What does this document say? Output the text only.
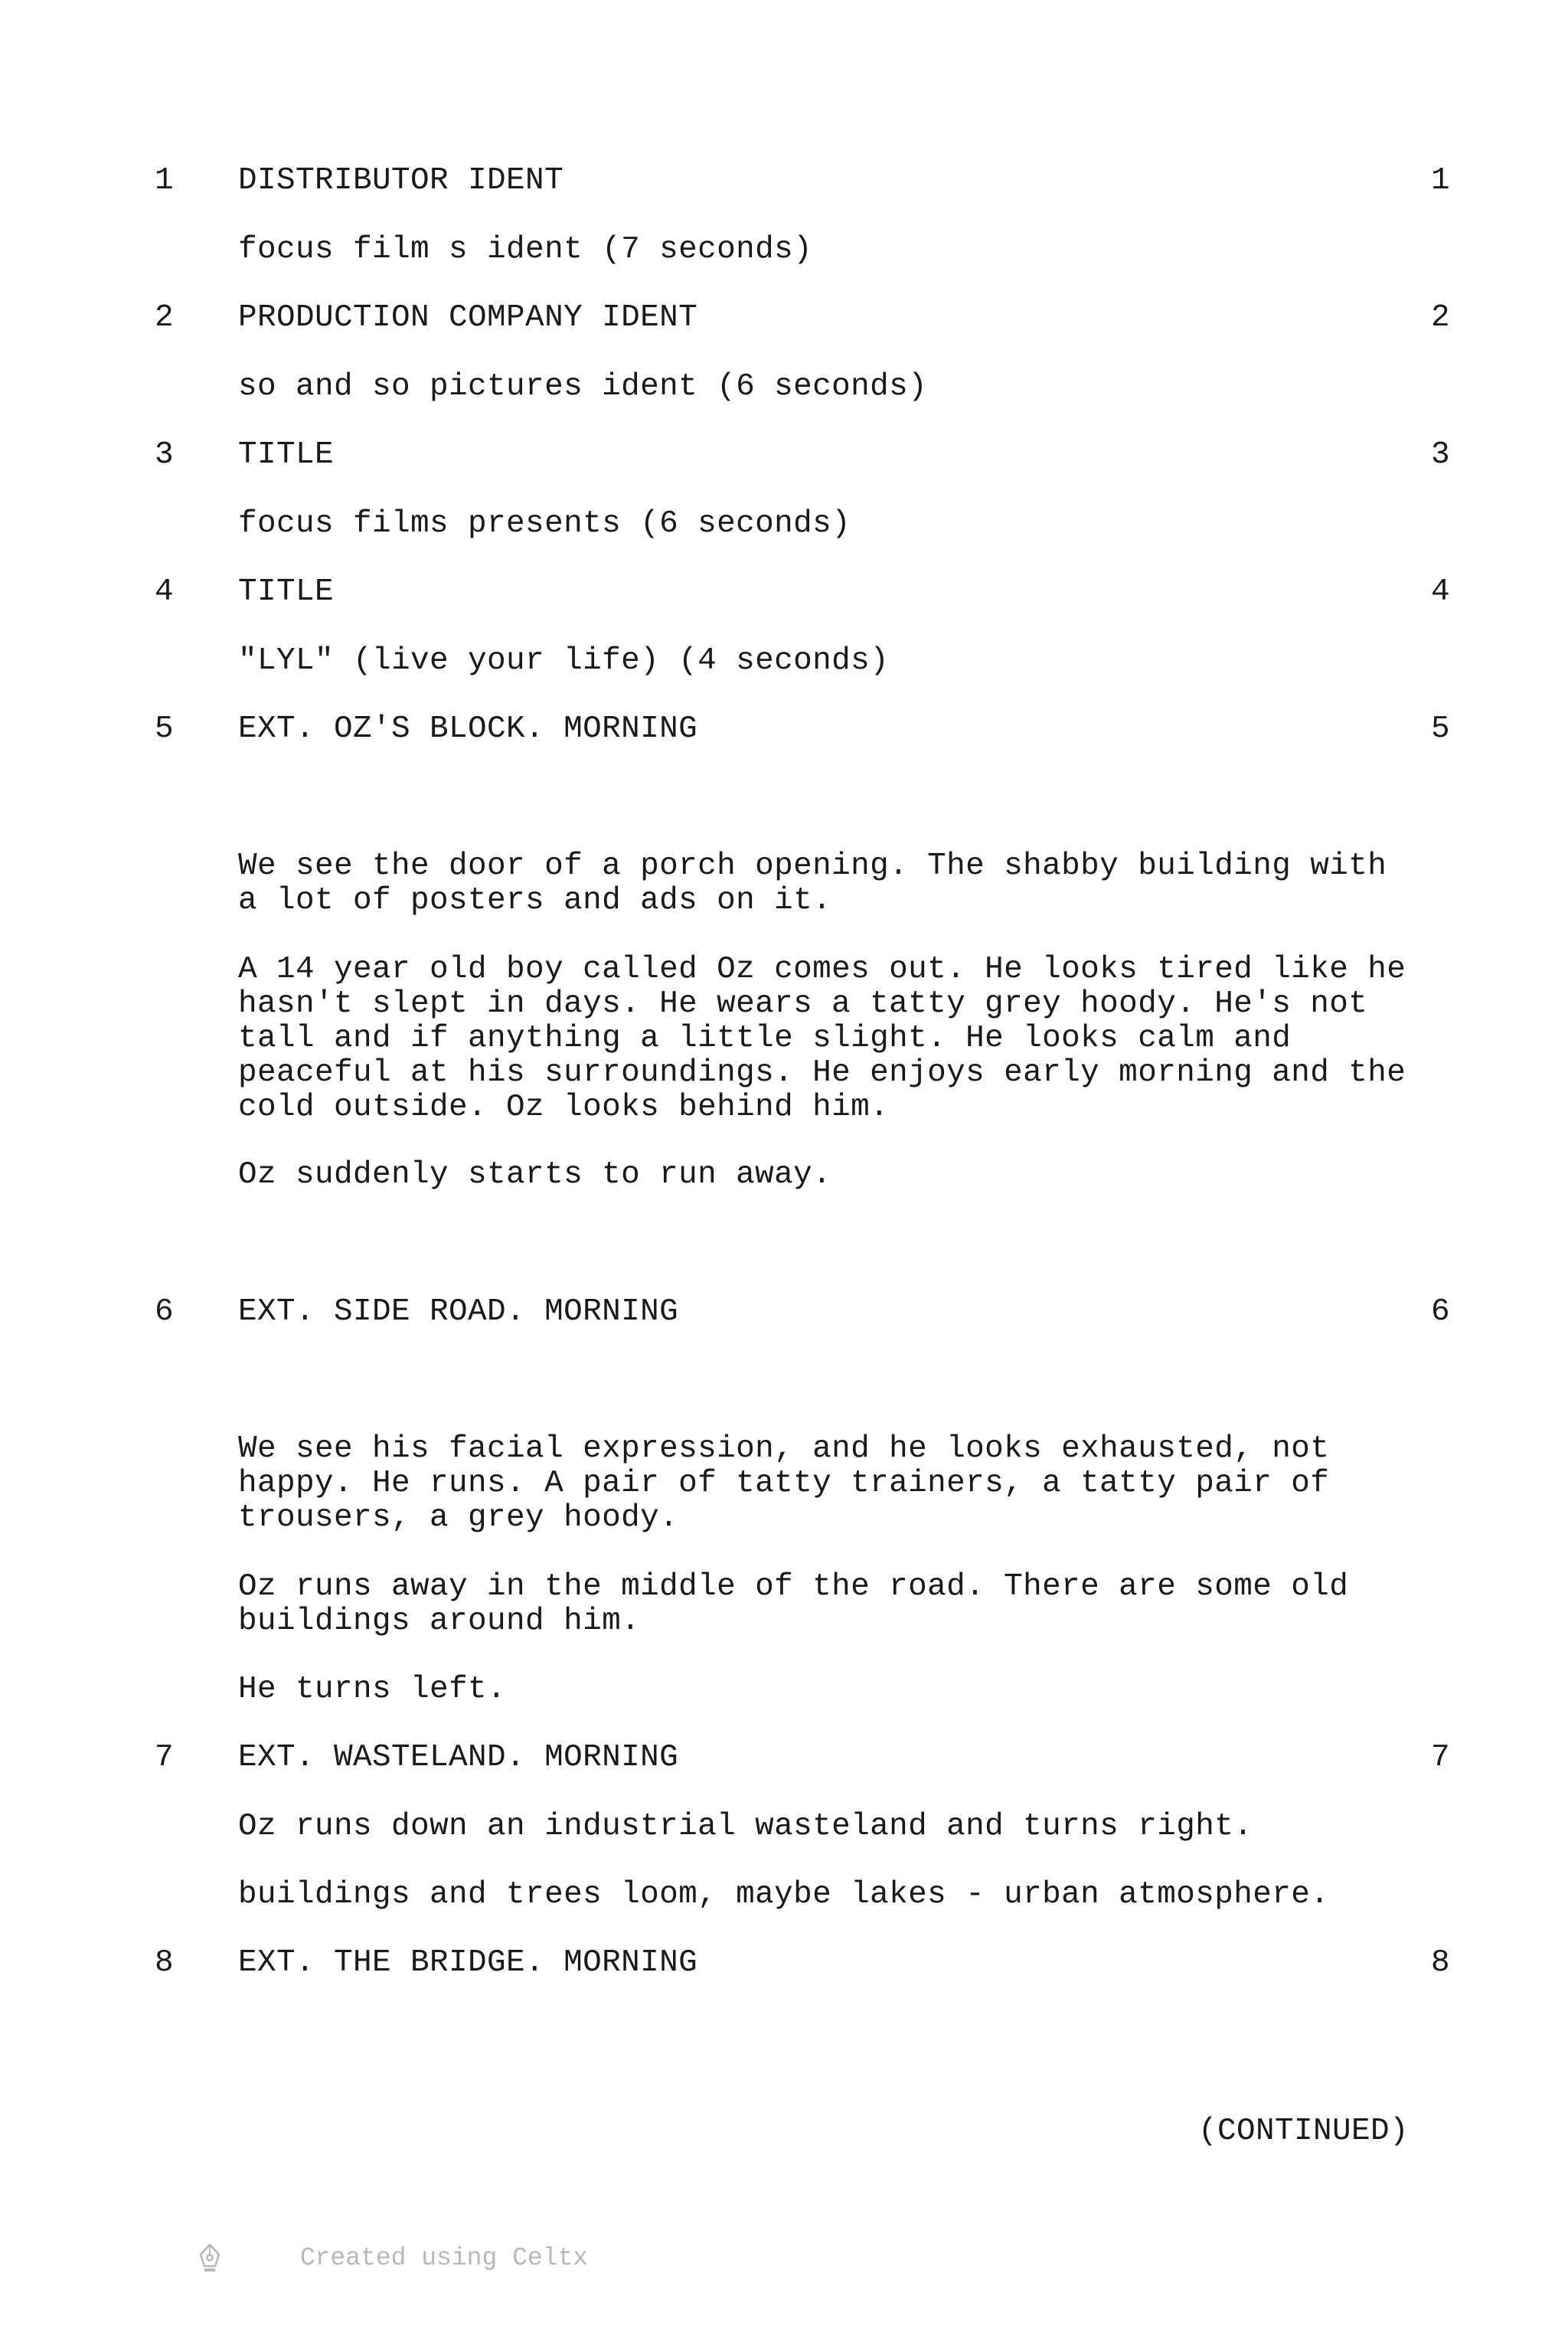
1 DISTRIBUTOR IDENT	1
focus film s ident (7 seconds)
2 PRODUCTION COMPANY IDENT	2
so and so pictures ident (6 seconds)
3 TITLE	3
focus films presents (6 seconds)
4 TITLE	4
"LYL" (live your life) (4 seconds)
5 EXT. OZ'S BLOCK. MORNING	5
We see the door of a porch opening. The shabby building with
a lot of posters and ads on it.
A 14 year old boy called Oz comes out. He looks tired like he
hasn't slept in days. He wears a tatty grey hoody. He's not
tall and if anything a little slight. He looks calm and
peaceful at his surroundings. He enjoys early morning and the
cold outside. Oz looks behind him.
Oz suddenly starts to run away.
6 EXT. SIDE ROAD. MORNING	6
We see his facial expression, and he looks exhausted, not
happy. He runs. A pair of tatty trainers, a tatty pair of
trousers, a grey hoody.
Oz runs away in the middle of the road. There are some old
buildings around him.
He turns left.
7 EXT. WASTELAND. MORNING	7
Oz runs down an industrial wasteland and turns right.
buildings and trees loom, maybe lakes - urban atmosphere.
8 EXT. THE BRIDGE. MORNING	8
(CONTINUED)

Created using Celtx
